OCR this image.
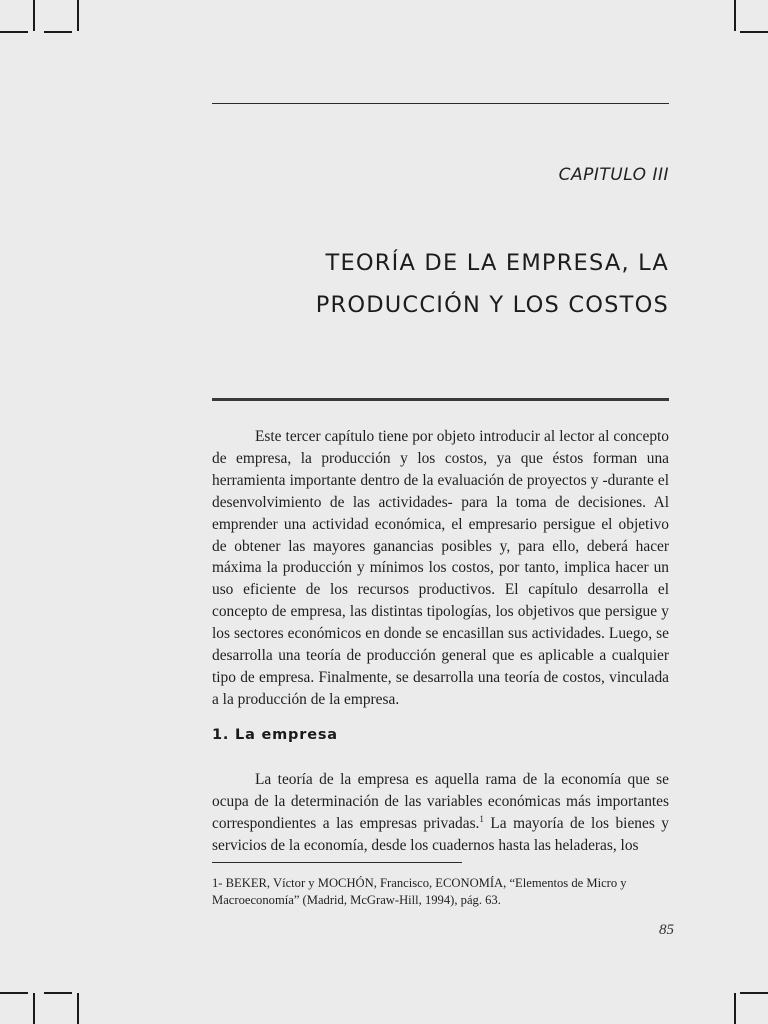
CAPITULO III
TEORÍA DE LA EMPRESA, LA
PRODUCCIÓN Y LOS COSTOS

Este tercer capítulo tiene por objeto introducir al lector al concepto de empresa, la producción y los costos, ya que éstos forman una herramienta importante dentro de la evaluación de proyectos y -durante el desenvolvimiento de las actividades- para la toma de decisiones. Al emprender una actividad económica, el empresario persigue el objetivo de obtener las mayores ganancias posibles y, para ello, deberá hacer máxima la producción y mínimos los costos, por tanto, implica hacer un uso eficiente de los recursos productivos. El capítulo desarrolla el concepto de empresa, las distintas tipologías, los objetivos que persigue y los sectores económicos en donde se encasillan sus actividades. Luego, se desarrolla una teoría de producción general que es aplicable a cualquier tipo de empresa. Finalmente, se desarrolla una teoría de costos, vinculada a la producción de la empresa.

1. La empresa

La teoría de la empresa es aquella rama de la economía que se ocupa de la determinación de las variables económicas más importantes correspondientes a las empresas privadas.$^1$ La mayoría de los bienes y servicios de la economía, desde los cuadernos hasta las heladeras, los

1- BEKER, Víctor y MOCHÓN, Francisco, ECONOMÍA, “Elementos de Micro y Macroeconomía” (Madrid, McGraw-Hill, 1994), pág. 63.

85
